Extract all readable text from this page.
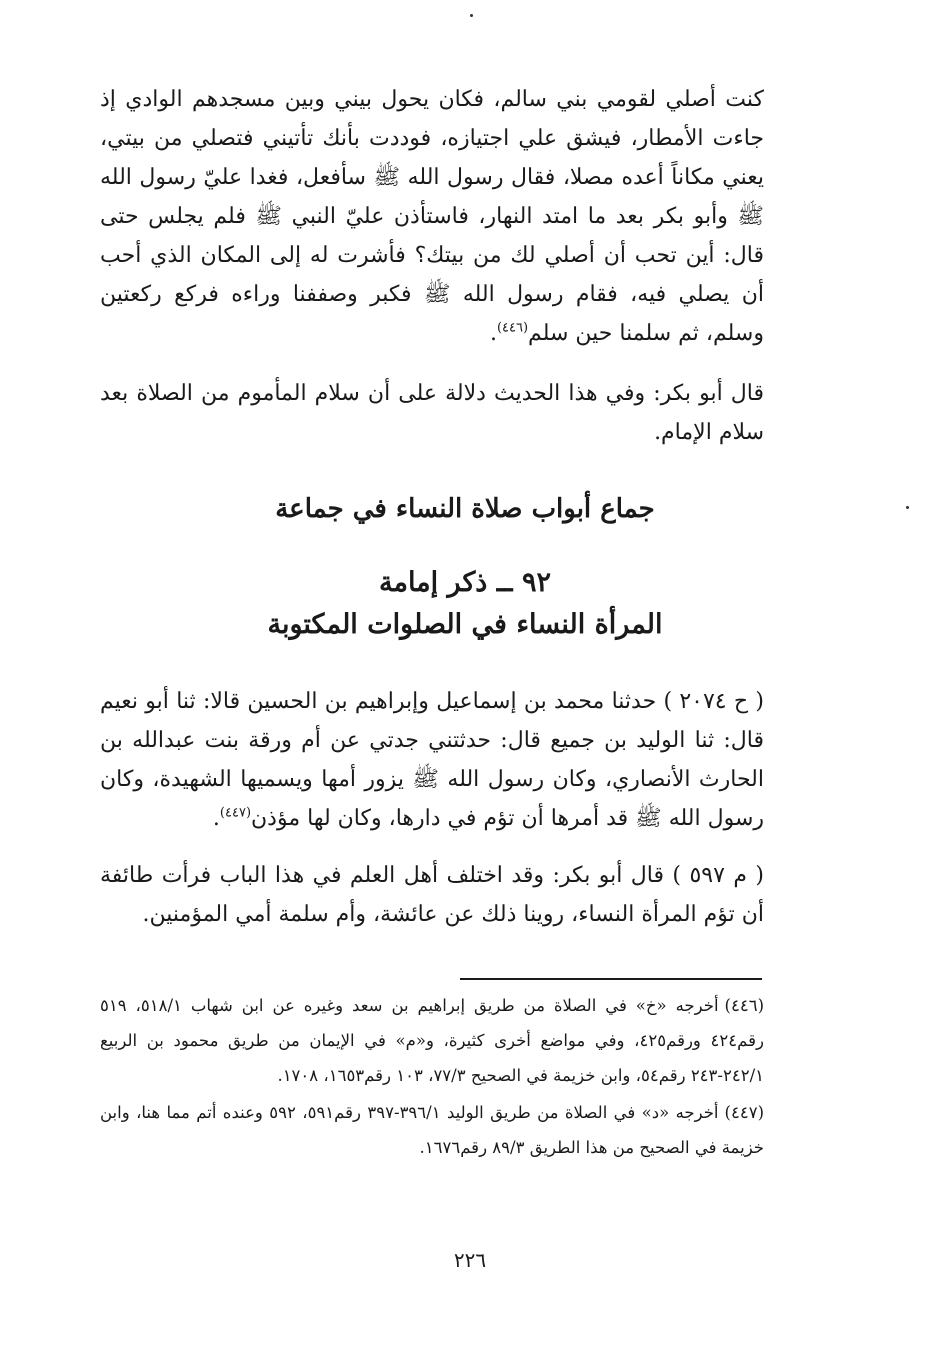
كنت أصلي لقومي بني سالم، فكان يحول بيني وبين مسجدهم الوادي إذ جاءت الأمطار، فيشق علي اجتيازه، فوددت بأنك تأتيني فتصلي من بيتي، يعني مكاناً أعده مصلا، فقال رسول الله ﷺ سأفعل، فغدا عليّ رسول الله ﷺ وأبو بكر بعد ما امتد النهار، فاستأذن عليّ النبي ﷺ فلم يجلس حتى قال: أين تحب أن أصلي لك من بيتك؟ فأشرت له إلى المكان الذي أحب أن يصلي فيه، فقام رسول الله ﷺ فكبر وصففنا وراءه فركع ركعتين وسلم، ثم سلمنا حين سلم$^{(٤٤٦)}$.

قال أبو بكر: وفي هذا الحديث دلالة على أن سلام المأموم من الصلاة بعد سلام الإمام.

جماع أبواب صلاة النساء في جماعة
٩٢ ــ ذكر إمامة
المرأة النساء في الصلوات المكتوبة

( ح ٢٠٧٤ ) حدثنا محمد بن إسماعيل وإبراهيم بن الحسين قالا: ثنا أبو نعيم قال: ثنا الوليد بن جميع قال: حدثتني جدتي عن أم ورقة بنت عبدالله بن الحارث الأنصاري، وكان رسول الله ﷺ يزور أمها ويسميها الشهيدة، وكان رسول الله ﷺ قد أمرها أن تؤم في دارها، وكان لها مؤذن$^{(٤٤٧)}$.

( م ٥٩٧ ) قال أبو بكر: وقد اختلف أهل العلم في هذا الباب فرأت طائفة أن تؤم المرأة النساء، روينا ذلك عن عائشة، وأم سلمة أمي المؤمنين.

(٤٤٦)أخرجه «خ» في الصلاة من طريق إبراهيم بن سعد وغيره عن ابن شهاب ٥١٨/١، ٥١٩ رقم٤٢٤ ورقم٤٢٥، وفي مواضع أخرى كثيرة، و«م» في الإيمان من طريق محمود بن الربيع ٢٤٢/١-٢٤٣ رقم٥٤، وابن خزيمة في الصحيح ٧٧/٣، ١٠٣ رقم١٦٥٣، ١٧٠٨.

(٤٤٧)أخرجه «د» في الصلاة من طريق الوليد ٣٩٦/١-٣٩٧ رقم٥٩١، ٥٩٢ وعنده أتم مما هنا، وابن خزيمة في الصحيح من هذا الطريق ٨٩/٣ رقم١٦٧٦.

٢٢٦
